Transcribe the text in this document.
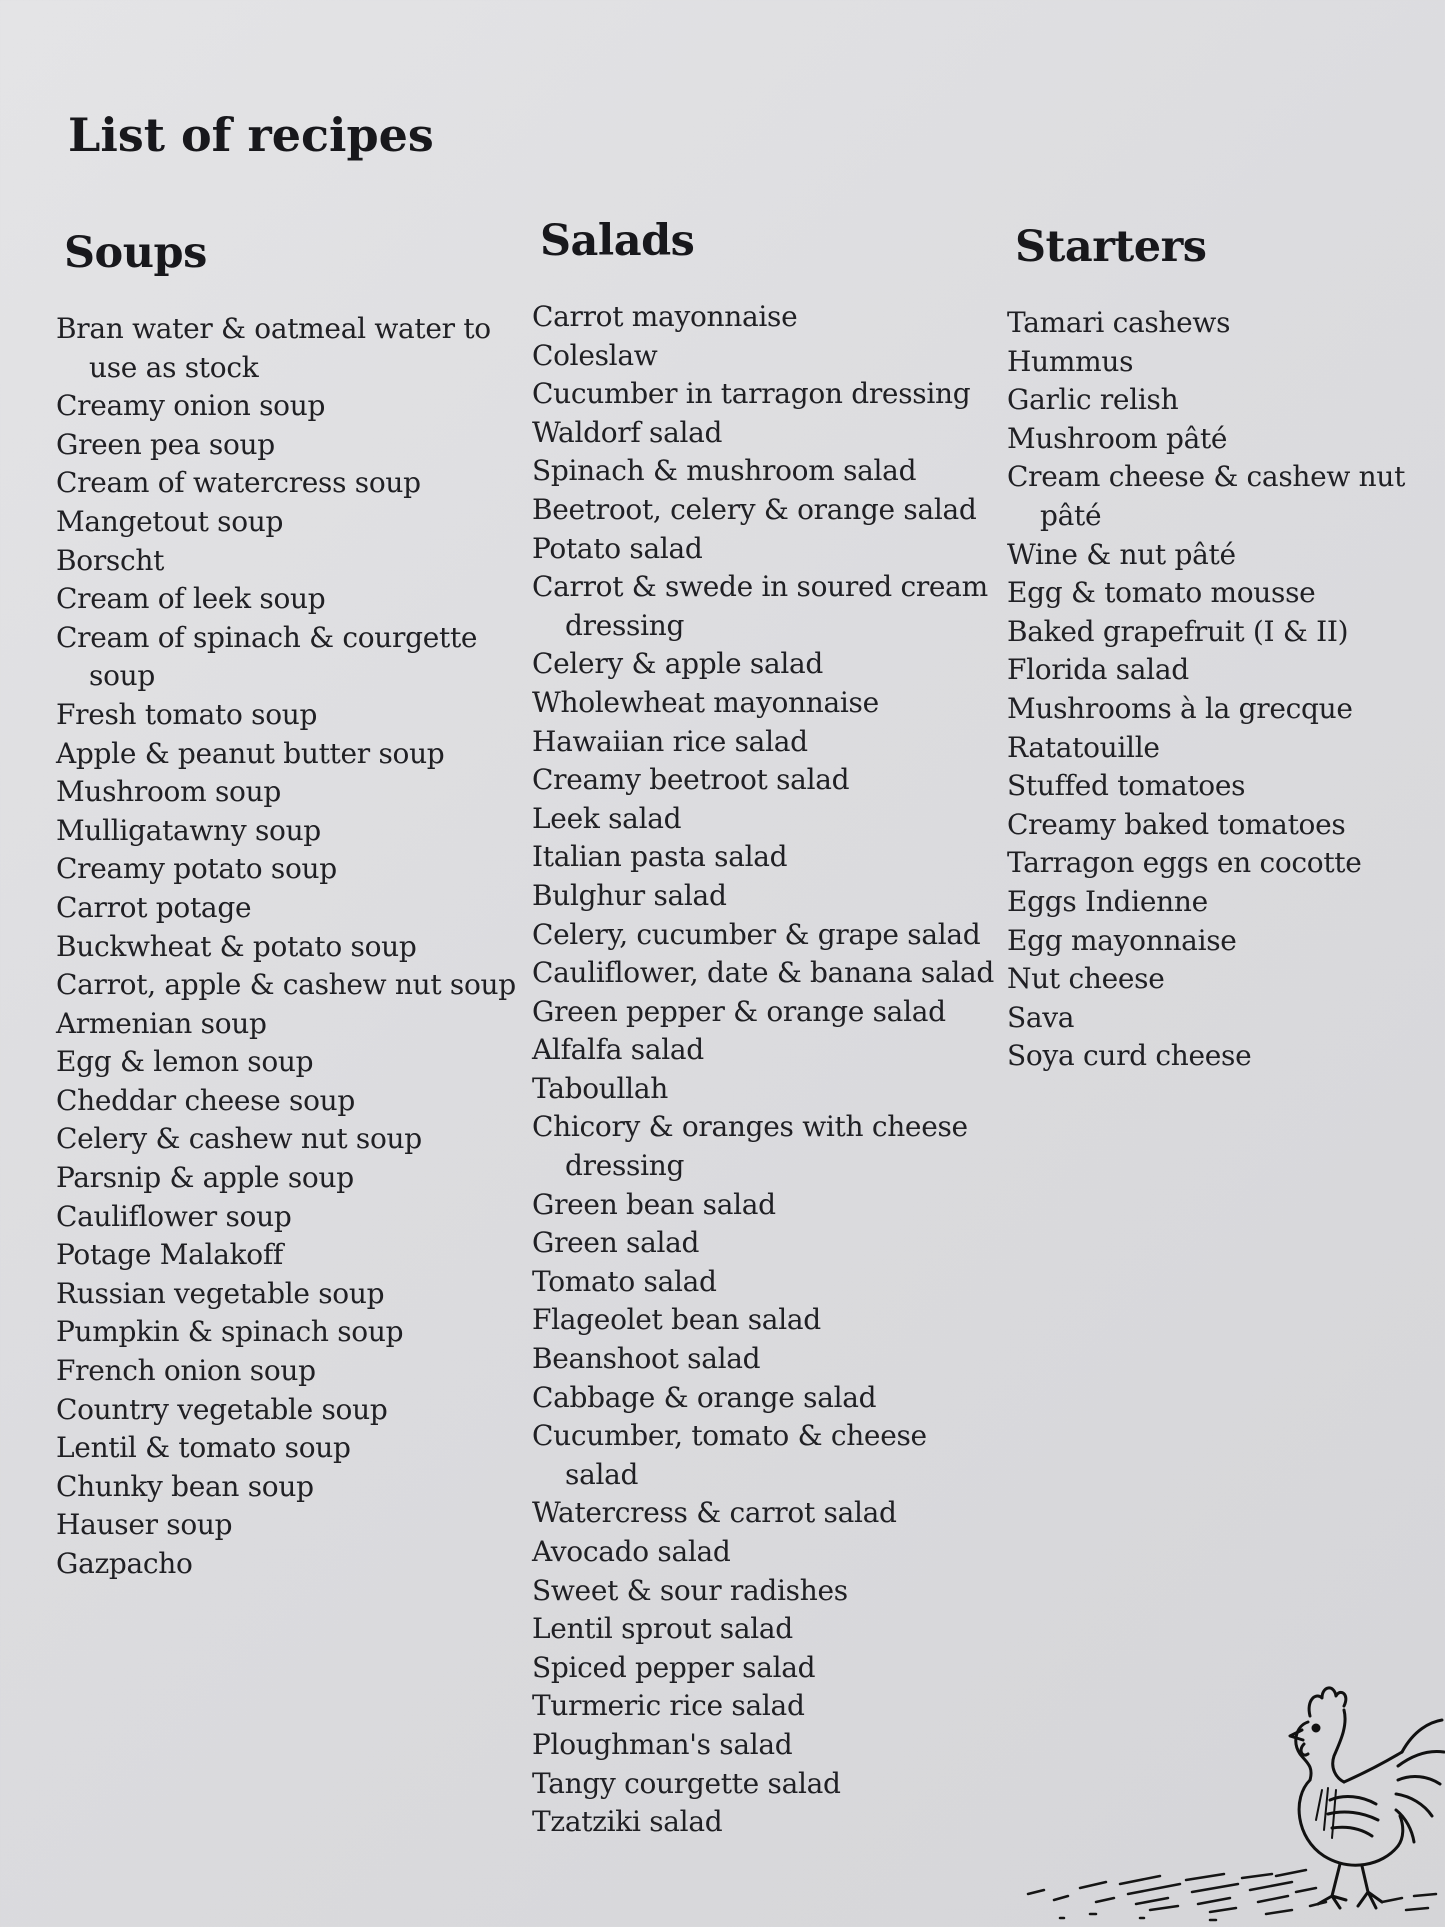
List of recipes
Soups
Bran water & oatmeal water to use as stock
Creamy onion soup
Green pea soup
Cream of watercress soup
Mangetout soup
Borscht
Cream of leek soup
Cream of spinach & courgette soup
Fresh tomato soup
Apple & peanut butter soup
Mushroom soup
Mulligatawny soup
Creamy potato soup
Carrot potage
Buckwheat & potato soup
Carrot, apple & cashew nut soup
Armenian soup
Egg & lemon soup
Cheddar cheese soup
Celery & cashew nut soup
Parsnip & apple soup
Cauliflower soup
Potage Malakoff
Russian vegetable soup
Pumpkin & spinach soup
French onion soup
Country vegetable soup
Lentil & tomato soup
Chunky bean soup
Hauser soup
Gazpacho
Salads
Carrot mayonnaise
Coleslaw
Cucumber in tarragon dressing
Waldorf salad
Spinach & mushroom salad
Beetroot, celery & orange salad
Potato salad
Carrot & swede in soured cream dressing
Celery & apple salad
Wholewheat mayonnaise
Hawaiian rice salad
Creamy beetroot salad
Leek salad
Italian pasta salad
Bulghur salad
Celery, cucumber & grape salad
Cauliflower, date & banana salad
Green pepper & orange salad
Alfalfa salad
Taboullah
Chicory & oranges with cheese dressing
Green bean salad
Green salad
Tomato salad
Flageolet bean salad
Beanshoot salad
Cabbage & orange salad
Cucumber, tomato & cheese salad
Watercress & carrot salad
Avocado salad
Sweet & sour radishes
Lentil sprout salad
Spiced pepper salad
Turmeric rice salad
Ploughman's salad
Tangy courgette salad
Tzatziki salad
Starters
Tamari cashews
Hummus
Garlic relish
Mushroom pâté
Cream cheese & cashew nut pâté
Wine & nut pâté
Egg & tomato mousse
Baked grapefruit (I & II)
Florida salad
Mushrooms à la grecque
Ratatouille
Stuffed tomatoes
Creamy baked tomatoes
Tarragon eggs en cocotte
Eggs Indienne
Egg mayonnaise
Nut cheese
Sava
Soya curd cheese
